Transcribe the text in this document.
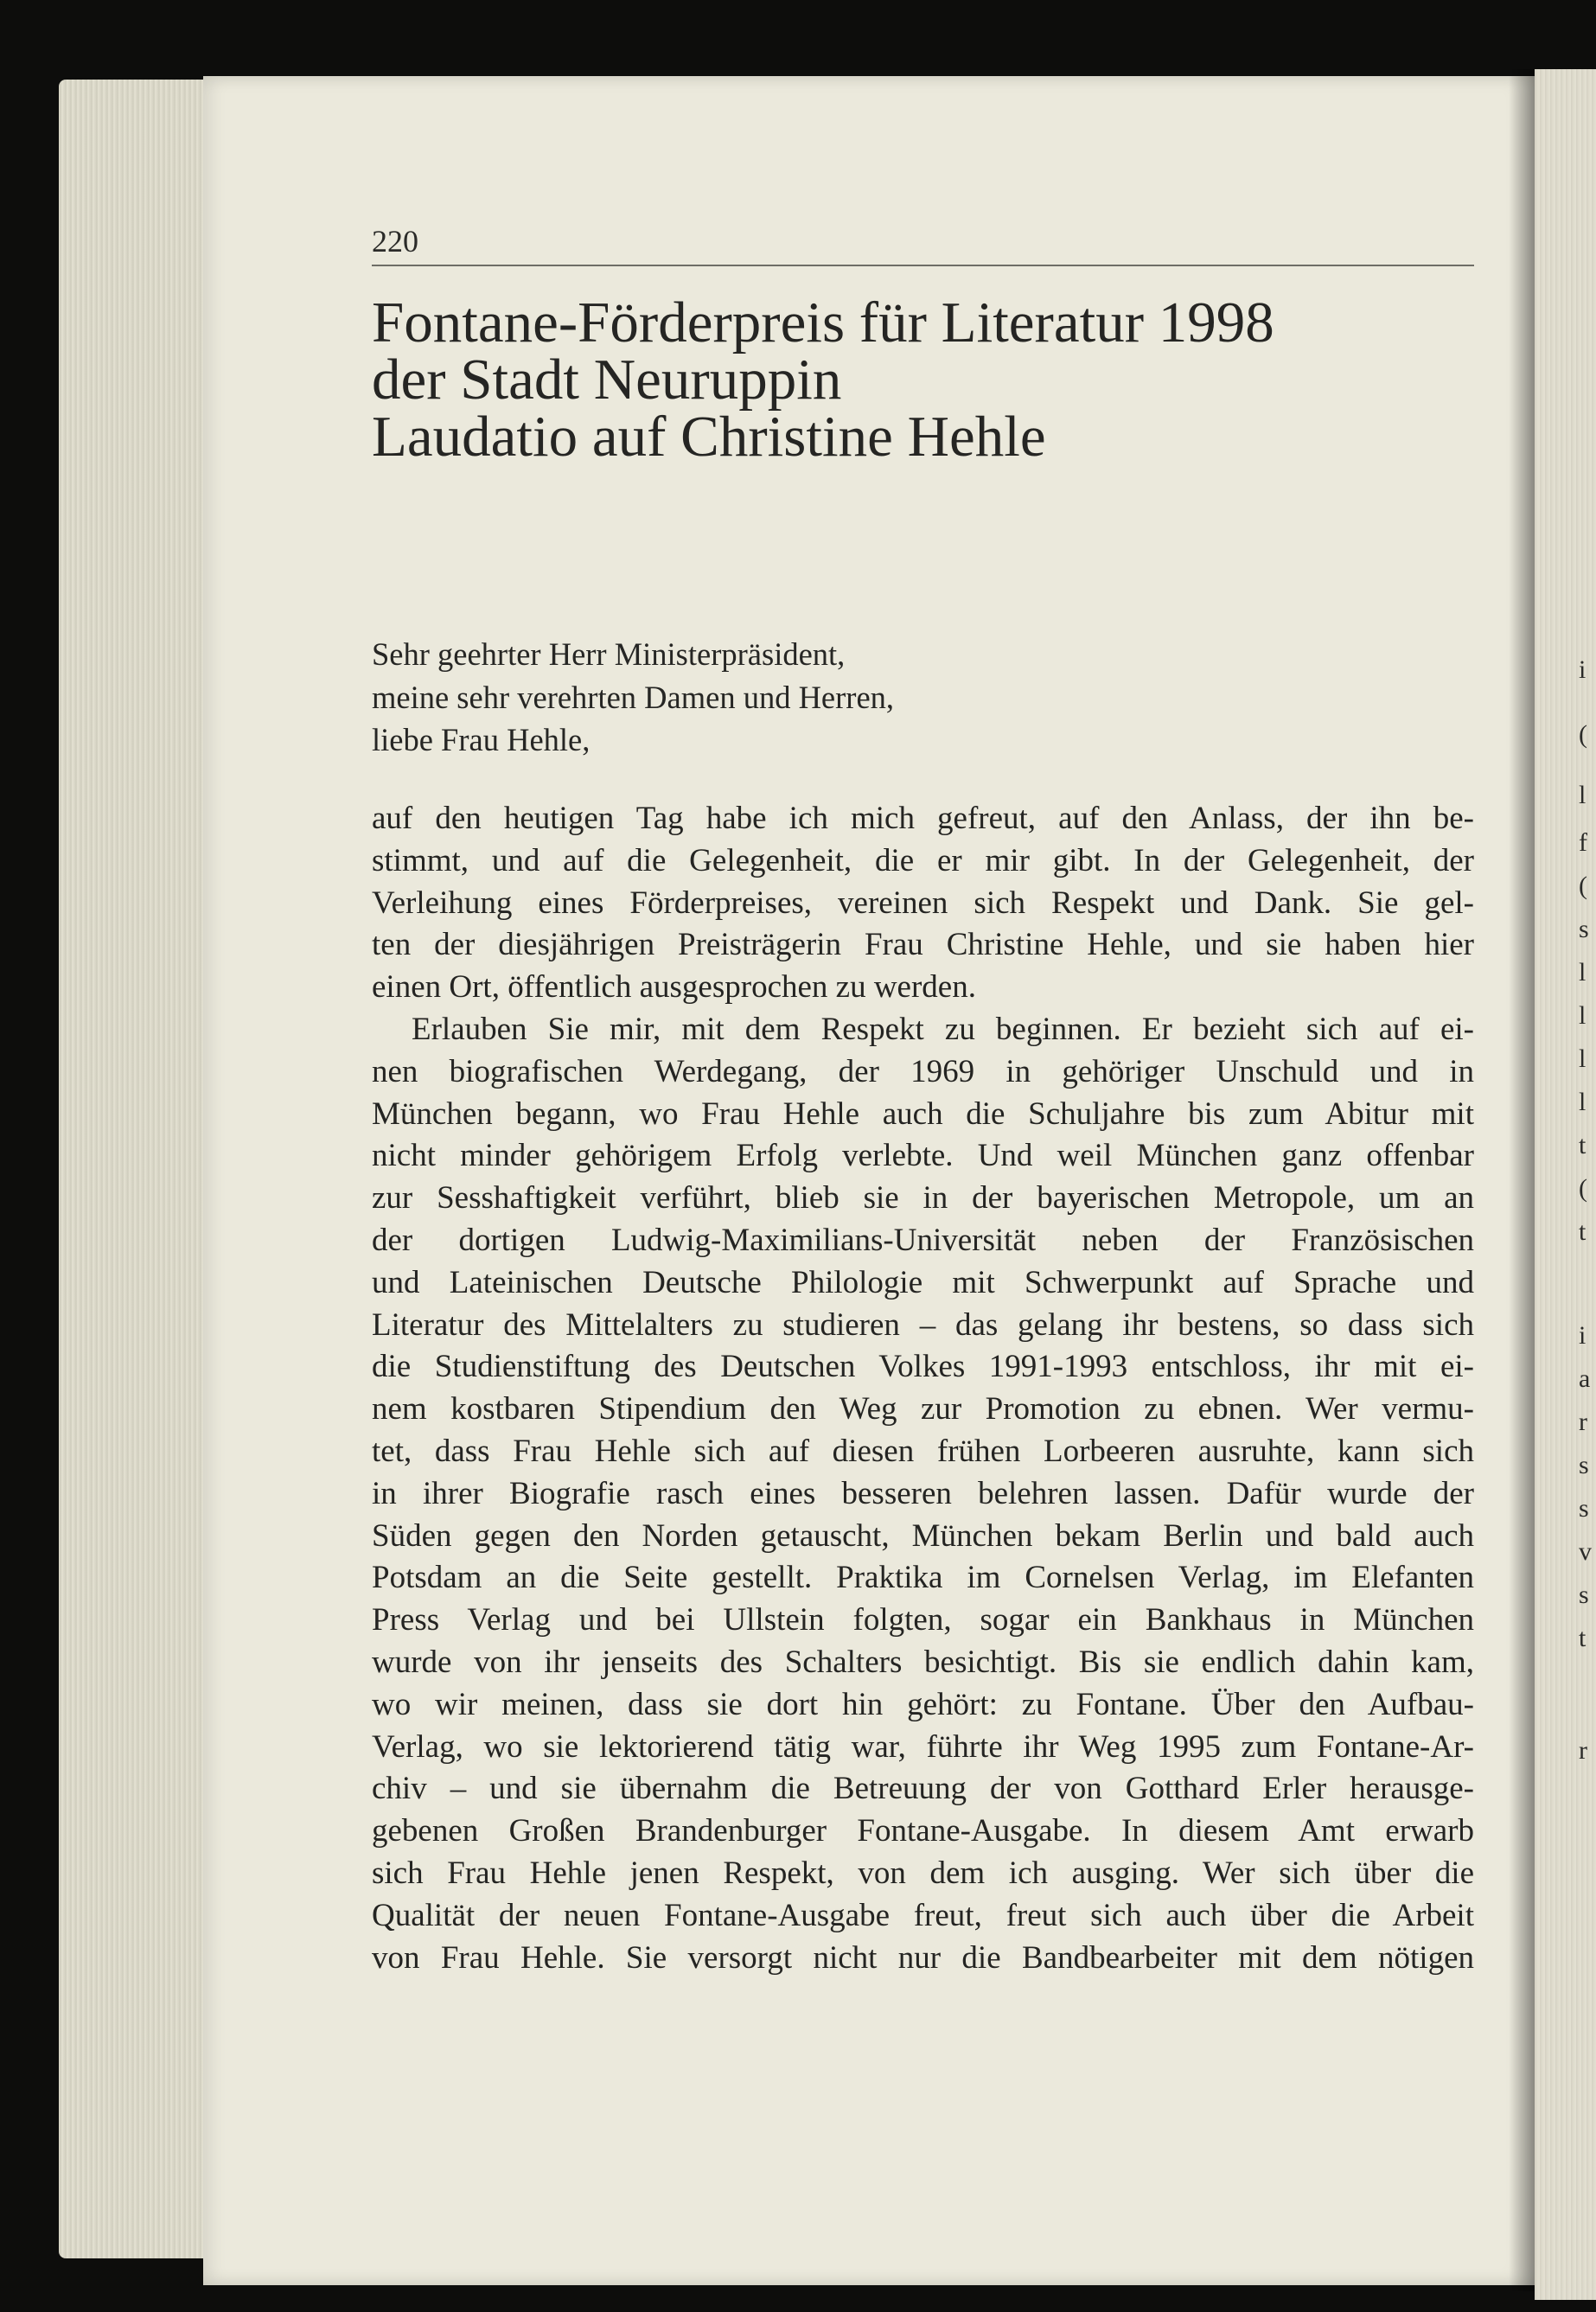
i
(
l
f
(
s
l
l
l
l
t
(
t
i
a
r
s
s
v
s
t
r
220
Fontane-Förderpreis für Literatur 1998
der Stadt Neuruppin
Laudatio auf Christine Hehle
Sehr geehrter Herr Ministerpräsident,
meine sehr verehrten Damen und Herren,
liebe Frau Hehle,
auf den heutigen Tag habe ich mich gefreut, auf den Anlass, der ihn be-
stimmt, und auf die Gelegenheit, die er mir gibt. In der Gelegenheit, der
Verleihung eines Förderpreises, vereinen sich Respekt und Dank. Sie gel-
ten der diesjährigen Preisträgerin Frau Christine Hehle, und sie haben hier
einen Ort, öffentlich ausgesprochen zu werden.
Erlauben Sie mir, mit dem Respekt zu beginnen. Er bezieht sich auf ei-
nen biografischen Werdegang, der 1969 in gehöriger Unschuld und in
München begann, wo Frau Hehle auch die Schuljahre bis zum Abitur mit
nicht minder gehörigem Erfolg verlebte. Und weil München ganz offenbar
zur Sesshaftigkeit verführt, blieb sie in der bayerischen Metropole, um an
der dortigen Ludwig-Maximilians-Universität neben der Französischen
und Lateinischen Deutsche Philologie mit Schwerpunkt auf Sprache und
Literatur des Mittelalters zu studieren – das gelang ihr bestens, so dass sich
die Studienstiftung des Deutschen Volkes 1991-1993 entschloss, ihr mit ei-
nem kostbaren Stipendium den Weg zur Promotion zu ebnen. Wer vermu-
tet, dass Frau Hehle sich auf diesen frühen Lorbeeren ausruhte, kann sich
in ihrer Biografie rasch eines besseren belehren lassen. Dafür wurde der
Süden gegen den Norden getauscht, München bekam Berlin und bald auch
Potsdam an die Seite gestellt. Praktika im Cornelsen Verlag, im Elefanten
Press Verlag und bei Ullstein folgten, sogar ein Bankhaus in München
wurde von ihr jenseits des Schalters besichtigt. Bis sie endlich dahin kam,
wo wir meinen, dass sie dort hin gehört: zu Fontane. Über den Aufbau-
Verlag, wo sie lektorierend tätig war, führte ihr Weg 1995 zum Fontane-Ar-
chiv – und sie übernahm die Betreuung der von Gotthard Erler herausge-
gebenen Großen Brandenburger Fontane-Ausgabe. In diesem Amt erwarb
sich Frau Hehle jenen Respekt, von dem ich ausging. Wer sich über die
Qualität der neuen Fontane-Ausgabe freut, freut sich auch über die Arbeit
von Frau Hehle. Sie versorgt nicht nur die Bandbearbeiter mit dem nötigen
